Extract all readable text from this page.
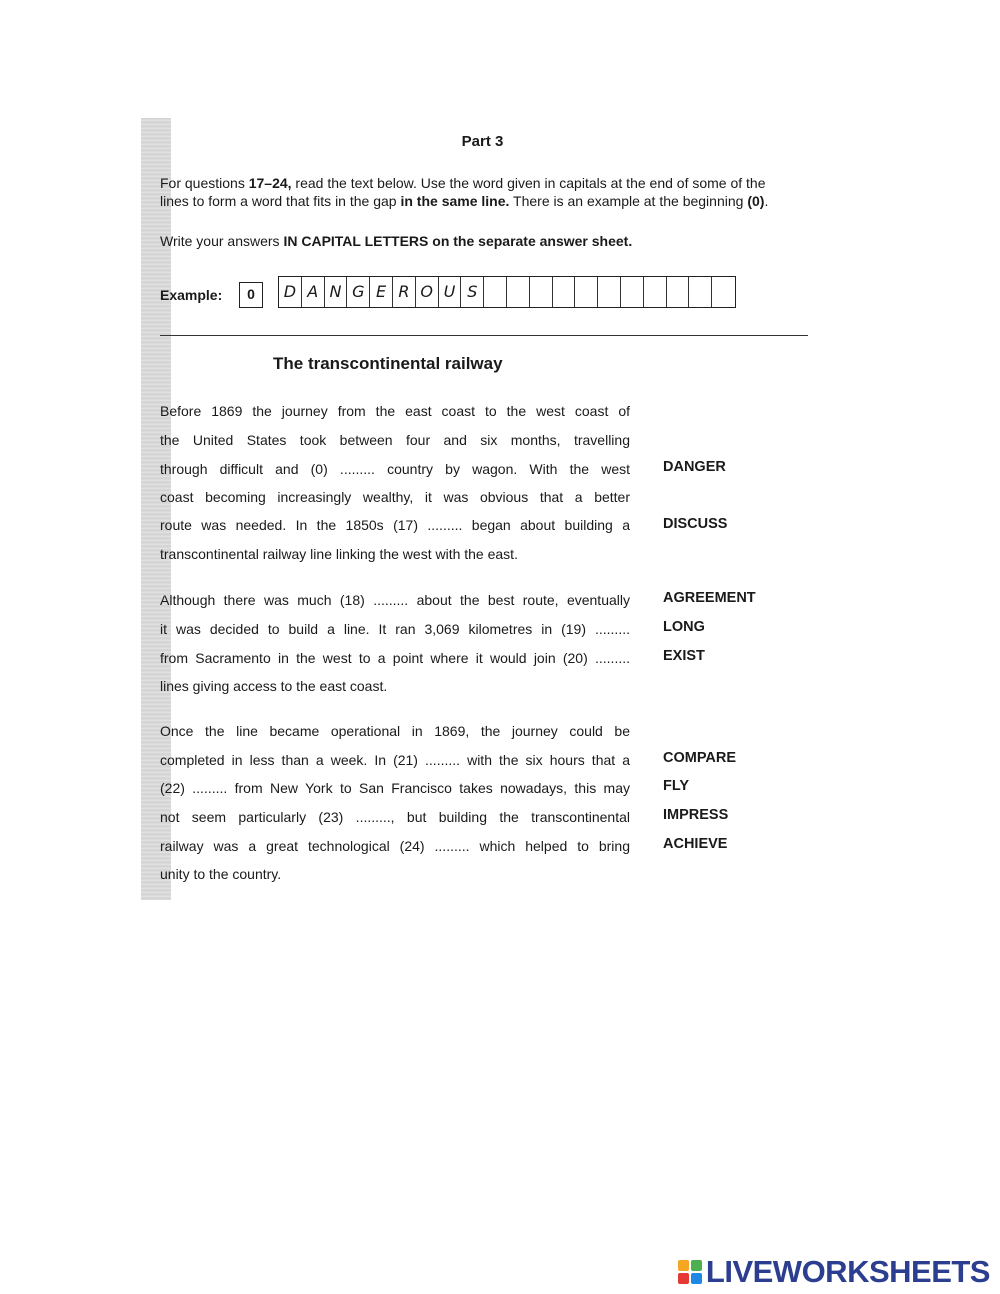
Part 3
For questions 17–24, read the text below. Use the word given in capitals at the end of some of the
lines to form a word that fits in the gap in the same line. There is an example at the beginning (0).
Write your answers IN CAPITAL LETTERS on the separate answer sheet.
Example:	0	D A N G E R O U S
The transcontinental railway
Before 1869 the journey from the east coast to the west coast of
the United States took between four and six months, travelling
through difficult and (0) ......... country by wagon. With the west
coast becoming increasingly wealthy, it was obvious that a better
route was needed. In the 1850s (17) ......... began about building a
transcontinental railway line linking the west with the east.
Although there was much (18) ......... about the best route, eventually
it was decided to build a line. It ran 3,069 kilometres in (19) .........
from Sacramento in the west to a point where it would join (20) .........
lines giving access to the east coast.
Once the line became operational in 1869, the journey could be
completed in less than a week. In (21) ......... with the six hours that a
(22) ......... from New York to San Francisco takes nowadays, this may
not seem particularly (23) ........., but building the transcontinental
railway was a great technological (24) ......... which helped to bring
unity to the country.
DANGER
DISCUSS
AGREEMENT
LONG
EXIST
COMPARE
FLY
IMPRESS
ACHIEVE
LIVEWORKSHEETS
